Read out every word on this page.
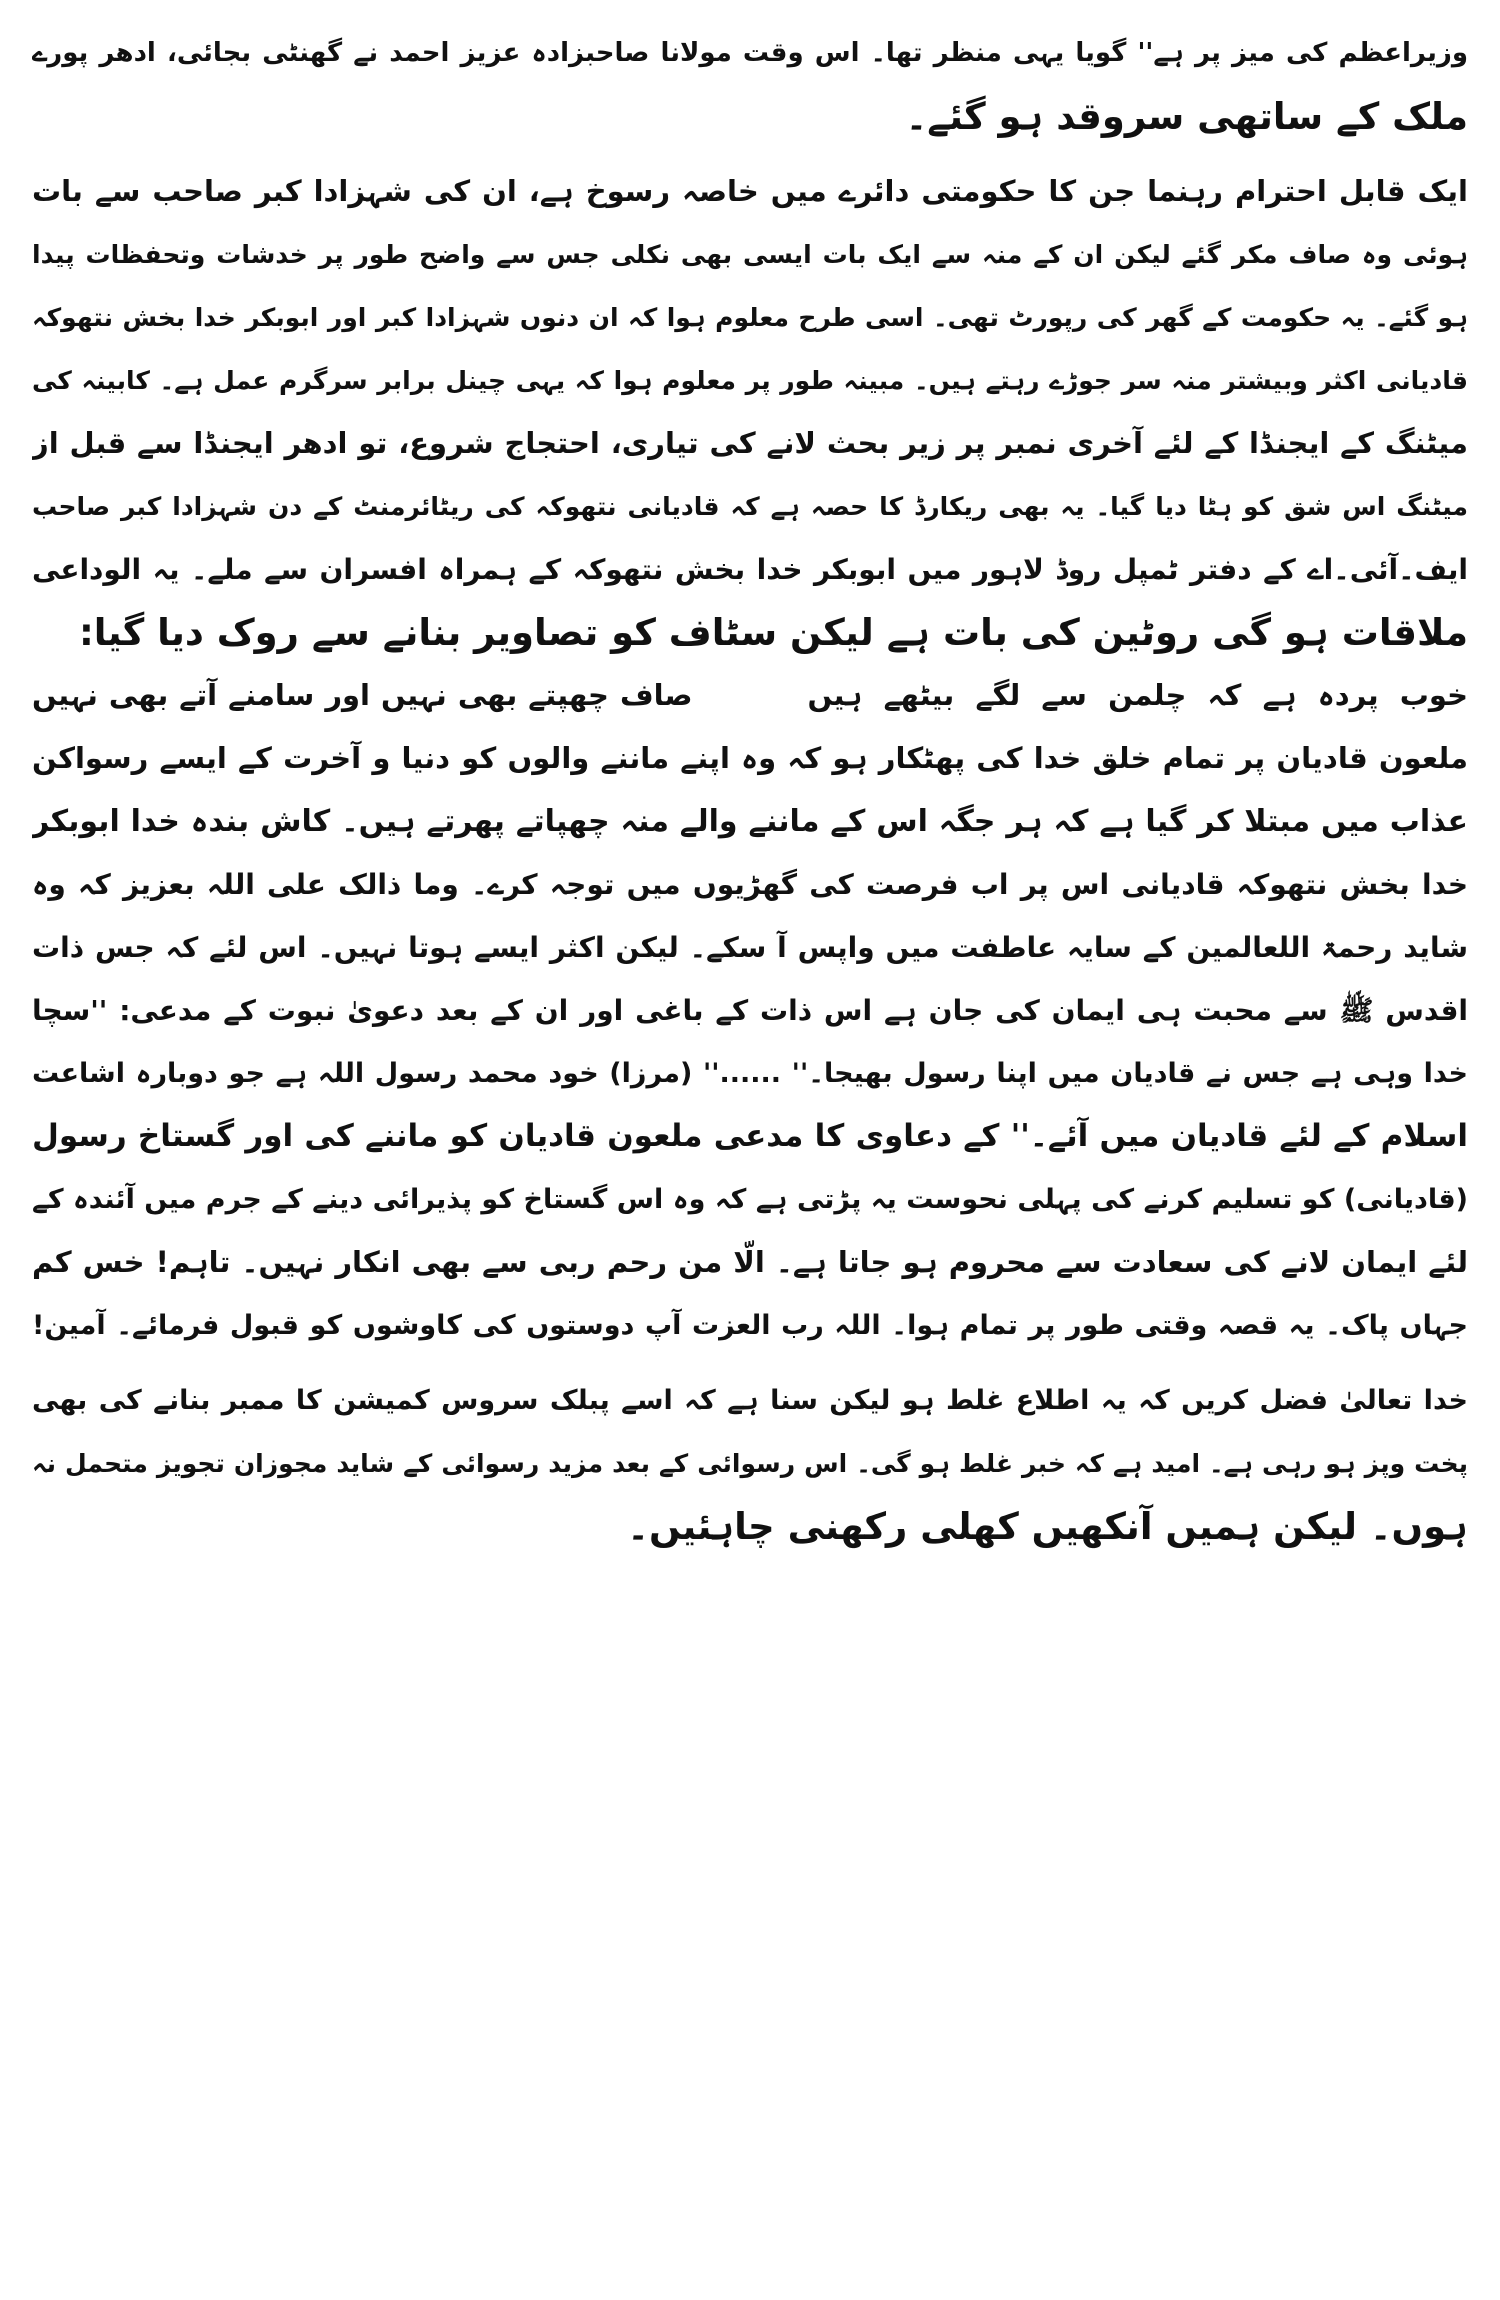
وزیراعظم کی میز پر ہے'' گویا یہی منظر تھا۔ اس وقت مولانا صاحبزادہ عزیز احمد نے گھنٹی بجائی، ادھر پورے
ملک کے ساتھی سروقد ہو گئے۔
ایک قابل احترام رہنما جن کا حکومتی دائرے میں خاصہ رسوخ ہے، ان کی شہزادا کبر صاحب سے بات
ہوئی وہ صاف مکر گئے لیکن ان کے منہ سے ایک بات ایسی بھی نکلی جس سے واضح طور پر خدشات وتحفظات پیدا
ہو گئے۔ یہ حکومت کے گھر کی رپورٹ تھی۔ اسی طرح معلوم ہوا کہ ان دنوں شہزادا کبر اور ابوبکر خدا بخش نتھوکہ
قادیانی اکثر وبیشتر منہ سر جوڑے رہتے ہیں۔ مبینہ طور پر معلوم ہوا کہ یہی چینل برابر سرگرم عمل ہے۔ کابینہ کی
میٹنگ کے ایجنڈا کے لئے آخری نمبر پر زیر بحث لانے کی تیاری، احتجاج شروع، تو ادھر ایجنڈا سے قبل از
میٹنگ اس شق کو ہٹا دیا گیا۔ یہ بھی ریکارڈ کا حصہ ہے کہ قادیانی نتھوکہ کی ریٹائرمنٹ کے دن شہزادا کبر صاحب
ایف۔آئی۔اے کے دفتر ٹمپل روڈ لاہور میں ابوبکر خدا بخش نتھوکہ کے ہمراہ افسران سے ملے۔ یہ الوداعی
ملاقات ہو گی روٹین کی بات ہے لیکن سٹاف کو تصاویر بنانے سے روک دیا گیا:
خوب پردہ ہے کہ چلمن سے لگے بیٹھے ہیںصاف چھپتے بھی نہیں اور سامنے آتے بھی نہیں
ملعون قادیان پر تمام خلق خدا کی پھٹکار ہو کہ وہ اپنے ماننے والوں کو دنیا و آخرت کے ایسے رسواکن
عذاب میں مبتلا کر گیا ہے کہ ہر جگہ اس کے ماننے والے منہ چھپاتے پھرتے ہیں۔ کاش بندہ خدا ابوبکر
خدا بخش نتھوکہ قادیانی اس پر اب فرصت کی گھڑیوں میں توجہ کرے۔ وما ذالک علی اللہ بعزیز کہ وہ
شاید رحمۃ اللعالمین کے سایہ عاطفت میں واپس آ سکے۔ لیکن اکثر ایسے ہوتا نہیں۔ اس لئے کہ جس ذات
اقدس ﷺ سے محبت ہی ایمان کی جان ہے اس ذات کے باغی اور ان کے بعد دعویٰ نبوت کے مدعی: ''سچا
خدا وہی ہے جس نے قادیان میں اپنا رسول بھیجا۔'' ......'' (مرزا) خود محمد رسول اللہ ہے جو دوبارہ اشاعت
اسلام کے لئے قادیان میں آئے۔'' کے دعاوی کا مدعی ملعون قادیان کو ماننے کی اور گستاخ رسول
(قادیانی) کو تسلیم کرنے کی پہلی نحوست یہ پڑتی ہے کہ وہ اس گستاخ کو پذیرائی دینے کے جرم میں آئندہ کے
لئے ایمان لانے کی سعادت سے محروم ہو جاتا ہے۔ الّا من رحم ربی سے بھی انکار نہیں۔ تاہم! خس کم
جہاں پاک۔ یہ قصہ وقتی طور پر تمام ہوا۔ اللہ رب العزت آپ دوستوں کی کاوشوں کو قبول فرمائے۔ آمین!
خدا تعالیٰ فضل کریں کہ یہ اطلاع غلط ہو لیکن سنا ہے کہ اسے پبلک سروس کمیشن کا ممبر بنانے کی بھی
پخت وپز ہو رہی ہے۔ امید ہے کہ خبر غلط ہو گی۔ اس رسوائی کے بعد مزید رسوائی کے شاید مجوزان تجویز متحمل نہ
ہوں۔ لیکن ہمیں آنکھیں کھلی رکھنی چاہئیں۔
